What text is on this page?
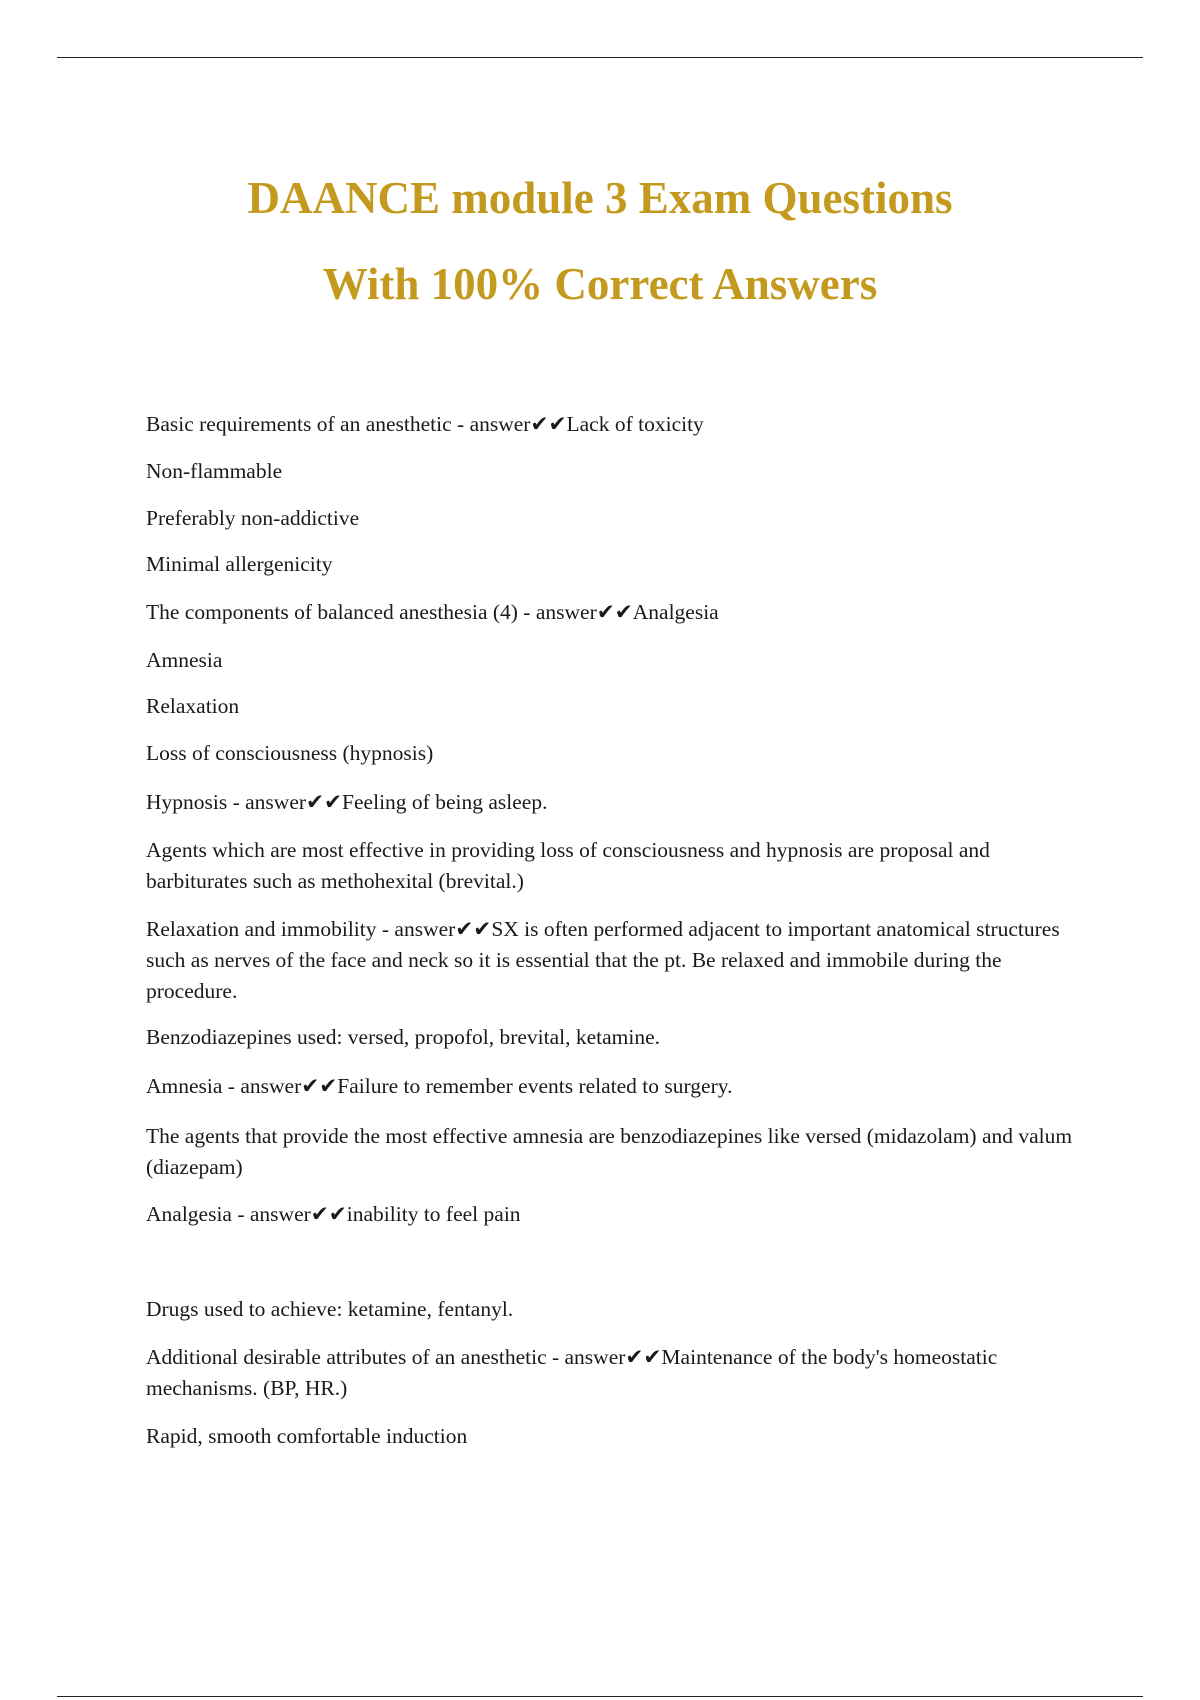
DAANCE module 3 Exam Questions
With 100% Correct Answers

Basic requirements of an anesthetic - answer✔✔Lack of toxicity

Non-flammable

Preferably non-addictive

Minimal allergenicity

The components of balanced anesthesia (4) - answer✔✔Analgesia

Amnesia

Relaxation

Loss of consciousness (hypnosis)

Hypnosis - answer✔✔Feeling of being asleep.

Agents which are most effective in providing loss of consciousness and hypnosis are proposal and barbiturates such as methohexital (brevital.)

Relaxation and immobility - answer✔✔SX is often performed adjacent to important anatomical structures such as nerves of the face and neck so it is essential that the pt. Be relaxed and immobile during the procedure.

Benzodiazepines used: versed, propofol, brevital, ketamine.

Amnesia - answer✔✔Failure to remember events related to surgery.

The agents that provide the most effective amnesia are benzodiazepines like versed (midazolam) and valum (diazepam)

Analgesia - answer✔✔inability to feel pain

Drugs used to achieve: ketamine, fentanyl.

Additional desirable attributes of an anesthetic - answer✔✔Maintenance of the body's homeostatic mechanisms. (BP, HR.)

Rapid, smooth comfortable induction
